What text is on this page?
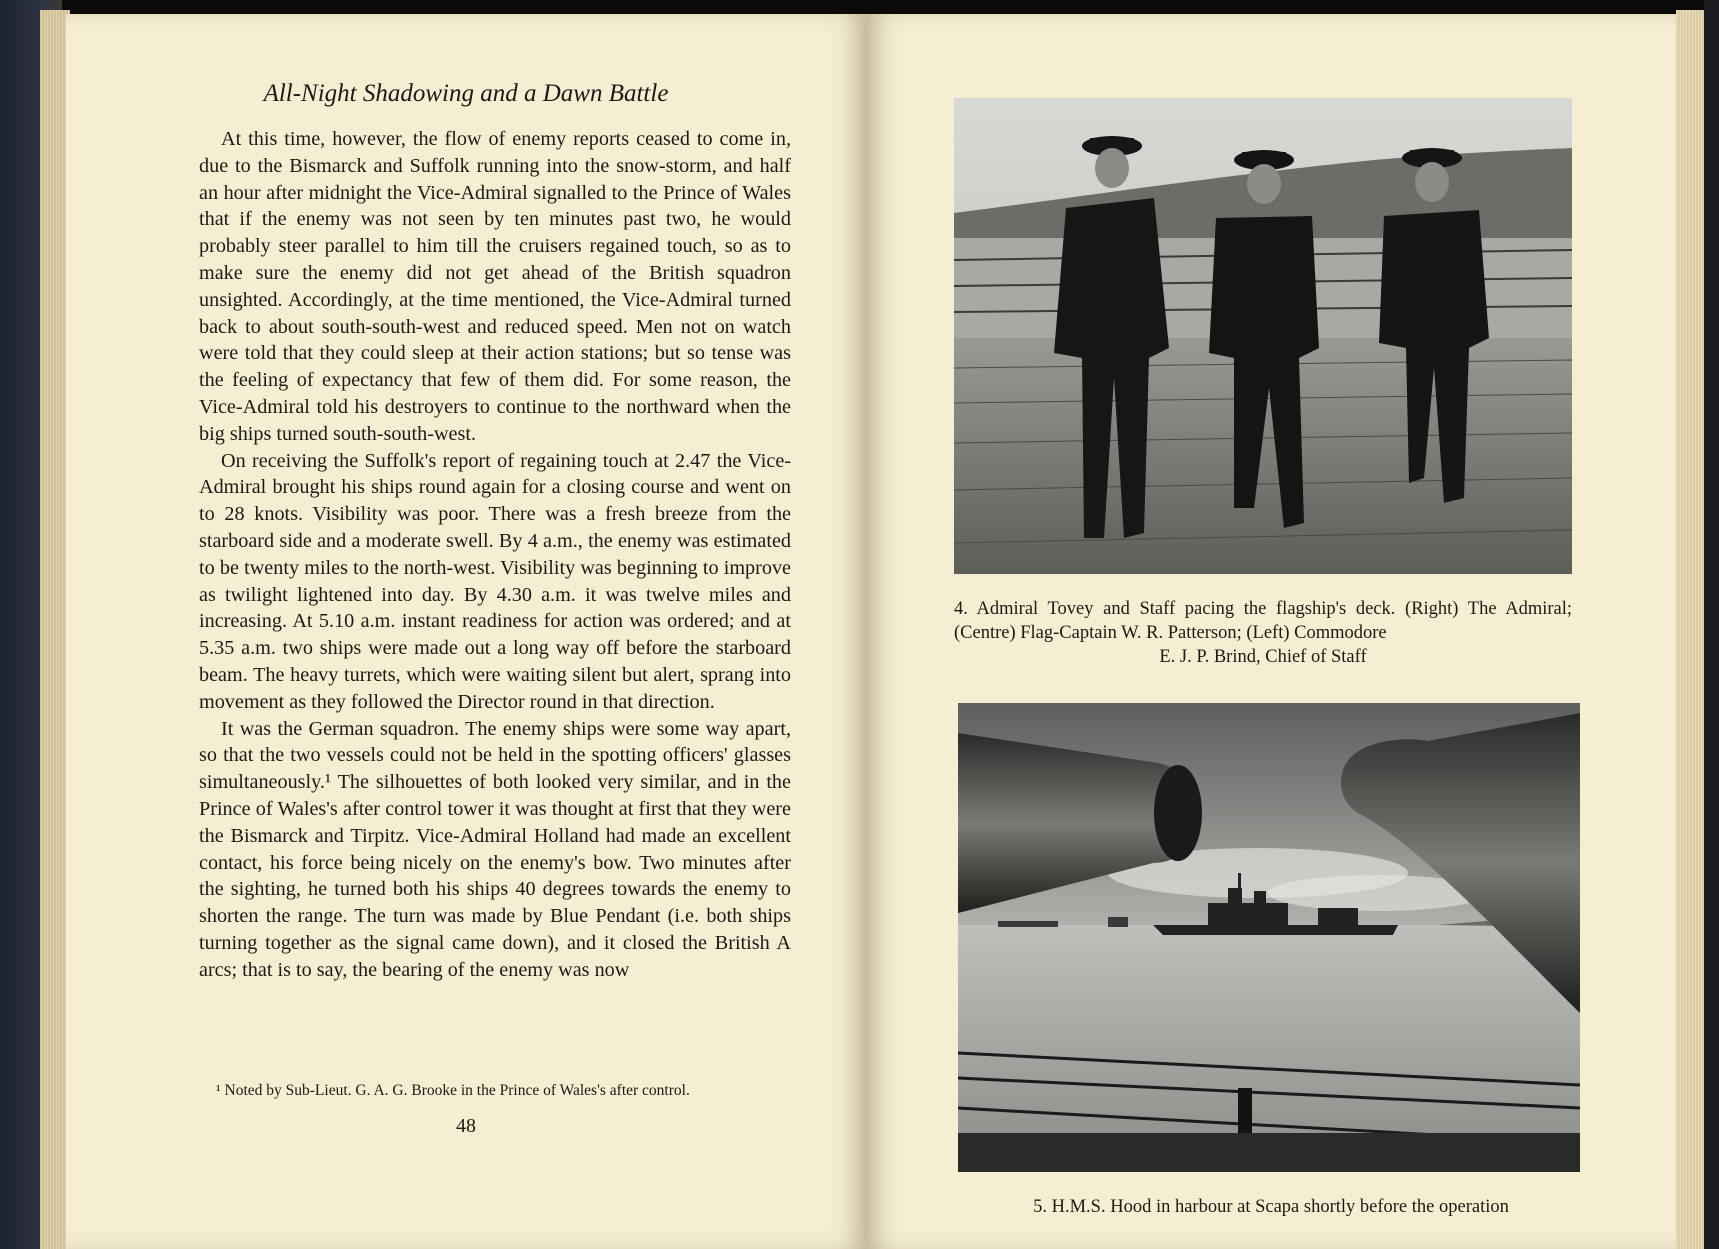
All-Night Shadowing and a Dawn Battle

At this time, however, the flow of enemy reports ceased to come in, due to the Bismarck and Suffolk running into the snow-storm, and half an hour after midnight the Vice-Admiral signalled to the Prince of Wales that if the enemy was not seen by ten minutes past two, he would probably steer parallel to him till the cruisers regained touch, so as to make sure the enemy did not get ahead of the British squadron unsighted. Accordingly, at the time mentioned, the Vice-Admiral turned back to about south-south-west and reduced speed. Men not on watch were told that they could sleep at their action stations; but so tense was the feeling of expectancy that few of them did. For some reason, the Vice-Admiral told his destroyers to continue to the northward when the big ships turned south-south-west.

On receiving the Suffolk's report of regaining touch at 2.47 the Vice-Admiral brought his ships round again for a closing course and went on to 28 knots. Visibility was poor. There was a fresh breeze from the starboard side and a moderate swell. By 4 a.m., the enemy was estimated to be twenty miles to the north-west. Visibility was beginning to improve as twilight lightened into day. By 4.30 a.m. it was twelve miles and increasing. At 5.10 a.m. instant readiness for action was ordered; and at 5.35 a.m. two ships were made out a long way off before the starboard beam. The heavy turrets, which were waiting silent but alert, sprang into movement as they followed the Director round in that direction.

It was the German squadron. The enemy ships were some way apart, so that the two vessels could not be held in the spotting officers' glasses simultaneously.¹ The silhouettes of both looked very similar, and in the Prince of Wales's after control tower it was thought at first that they were the Bismarck and Tirpitz. Vice-Admiral Holland had made an excellent contact, his force being nicely on the enemy's bow. Two minutes after the sighting, he turned both his ships 40 degrees towards the enemy to shorten the range. The turn was made by Blue Pendant (i.e. both ships turning together as the signal came down), and it closed the British A arcs; that is to say, the bearing of the enemy was now

¹ Noted by Sub-Lieut. G. A. G. Brooke in the Prince of Wales's after control.
48
4. Admiral Tovey and Staff pacing the flagship's deck. (Right) The Admiral; (Centre) Flag-Captain W. R. Patterson; (Left) Commodore
E. J. P. Brind, Chief of Staff
5. H.M.S. Hood in harbour at Scapa shortly before the operation
